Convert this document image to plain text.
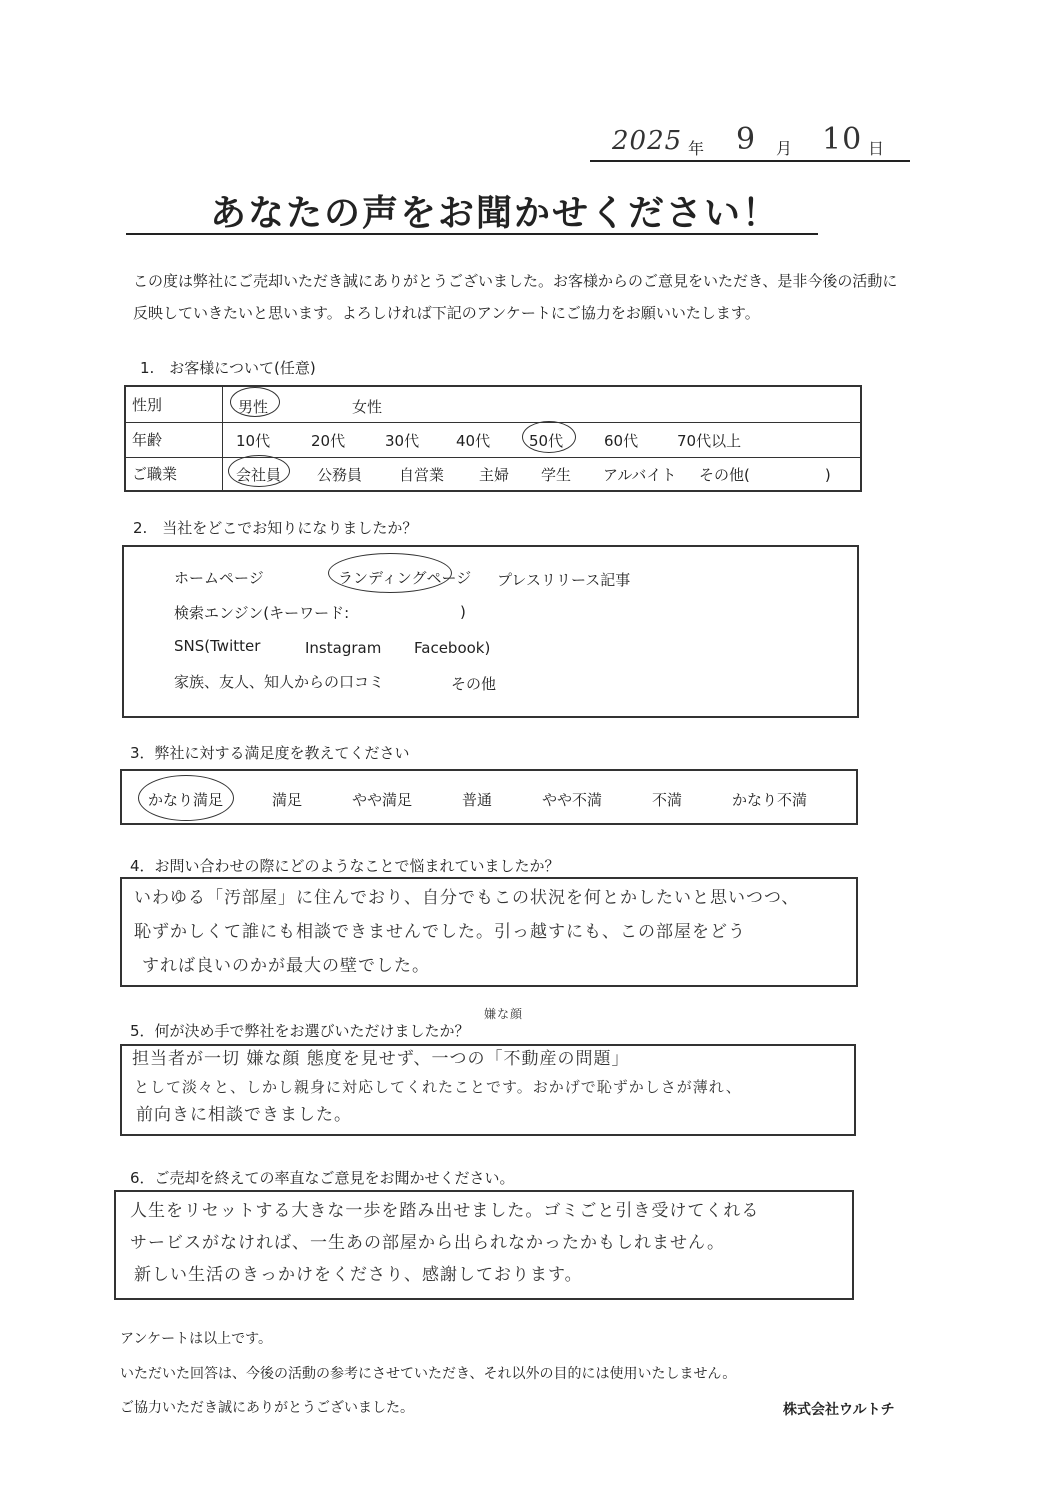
2025 年 9 月 10 日
あなたの声をお聞かせください！
この度は弊社にご売却いただき誠にありがとうございました。お客様からのご意見をいただき、是非今後の活動に
反映していきたいと思います。よろしければ下記のアンケートにご協力をお願いいたします。
1.　お客様について(任意)
性別	男性	女性
年齢	10代	20代	30代 40代	50代	60代	70代以上
ご職業	会社員 公務員 自営業 主婦 学生 アルバイト その他(　　　　　)
2.　当社をどこでお知りになりましたか？
ホームページ	ランディングページ プレスリリース記事
検索エンジン(キーワード:	)
SNS(Twitter	Instagram Facebook)
家族、友人、知人からの口コミ	その他
3．弊社に対する満足度を教えてください
かなり満足	満足	やや満足	普通	やや不満	不満	かなり不満
4．お問い合わせの際にどのようなことで悩まれていましたか？
いわゆる「汚部屋」に住んでおり、自分でもこの状況を何とかしたいと思いつつ、
恥ずかしくて誰にも相談できませんでした。引っ越すにも、この部屋をどう
すれば良いのかが最大の壁でした。
5．何が決め手で弊社をお選びいただけましたか？
嫌な顔
担当者が一切 嫌な顔 態度を見せず、一つの「不動産の問題」
として淡々と、しかし親身に対応してくれたことです。おかげで恥ずかしさが薄れ、
前向きに相談できました。
6．ご売却を終えての率直なご意見をお聞かせください。
人生をリセットする大きな一歩を踏み出せました。ゴミごと引き受けてくれる
サービスがなければ、一生あの部屋から出られなかったかもしれません。
新しい生活のきっかけをくださり、感謝しております。
アンケートは以上です。
いただいた回答は、今後の活動の参考にさせていただき、それ以外の目的には使用いたしません。
ご協力いただき誠にありがとうございました。	株式会社ウルトチ
